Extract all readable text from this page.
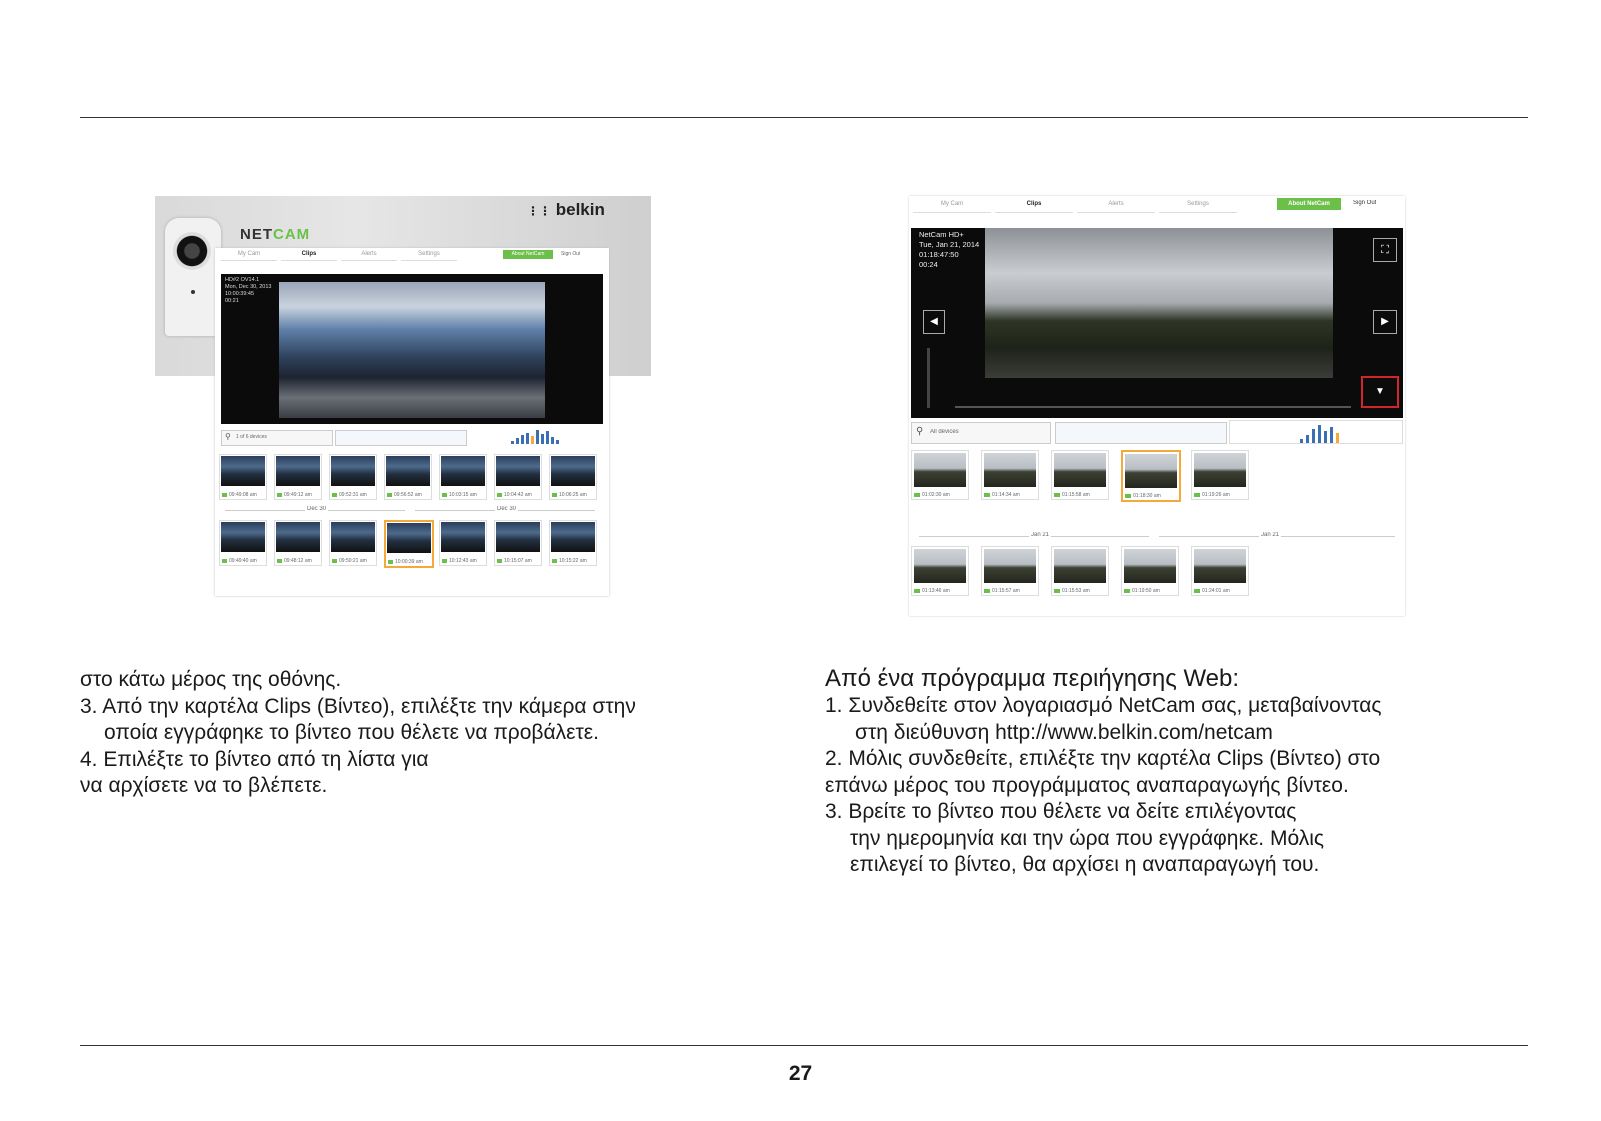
⋮⋮ belkin
NETCAM
My Cam	Clips	Alerts	Settings	About NetCam	Sign Out
HD#2 OV14.1
Mon, Dec 30, 2013
10:00:39:45
00:21
⚲ 1 of 6 devices
09:49:08 am	09:49:12 am	09:52:31 am	09:56:52 am	10:03:15 am	10:04:42 am	10:06:25 am
Dec 30	Dec 30
09:49:40 am	09:48:12 am	09:50:21 am	10:00:39 am	10:12:43 am	10:15:07 am	10:15:22 am
My Cam	Clips	Alerts	Settings	About NetCam	Sign Out
NetCam HD+
Tue, Jan 21, 2014
01:18:47:50
00:24
◀
⛶
▶
▼
⚲ All devices
01:02:30 am	01:14:34 am	01:15:58 am	01:18:30 am	01:19:26 am
Jan 21	Jan 21
01:13:46 am	01:15:57 am	01:15:53 am	01:19:50 am	01:24:01 am
στο κάτω μέρος της οθόνης.
3. Από την καρτέλα Clips (Βίντεο), επιλέξτε την κάμερα στην
οποία εγγράφηκε το βίντεο που θέλετε να προβάλετε.
4. Επιλέξτε το βίντεο από τη λίστα για
να αρχίσετε να το βλέπετε.
Από ένα πρόγραμμα περιήγησης Web:
1. Συνδεθείτε στον λογαριασμό NetCam σας, μεταβαίνοντας
στη διεύθυνση http://www.belkin.com/netcam
2. Μόλις συνδεθείτε, επιλέξτε την καρτέλα Clips (Βίντεο) στο
επάνω μέρος του προγράμματος αναπαραγωγής βίντεο.
3. Βρείτε το βίντεο που θέλετε να δείτε επιλέγοντας
την ημερομηνία και την ώρα που εγγράφηκε. Μόλις
επιλεγεί το βίντεο, θα αρχίσει η αναπαραγωγή του.
27
